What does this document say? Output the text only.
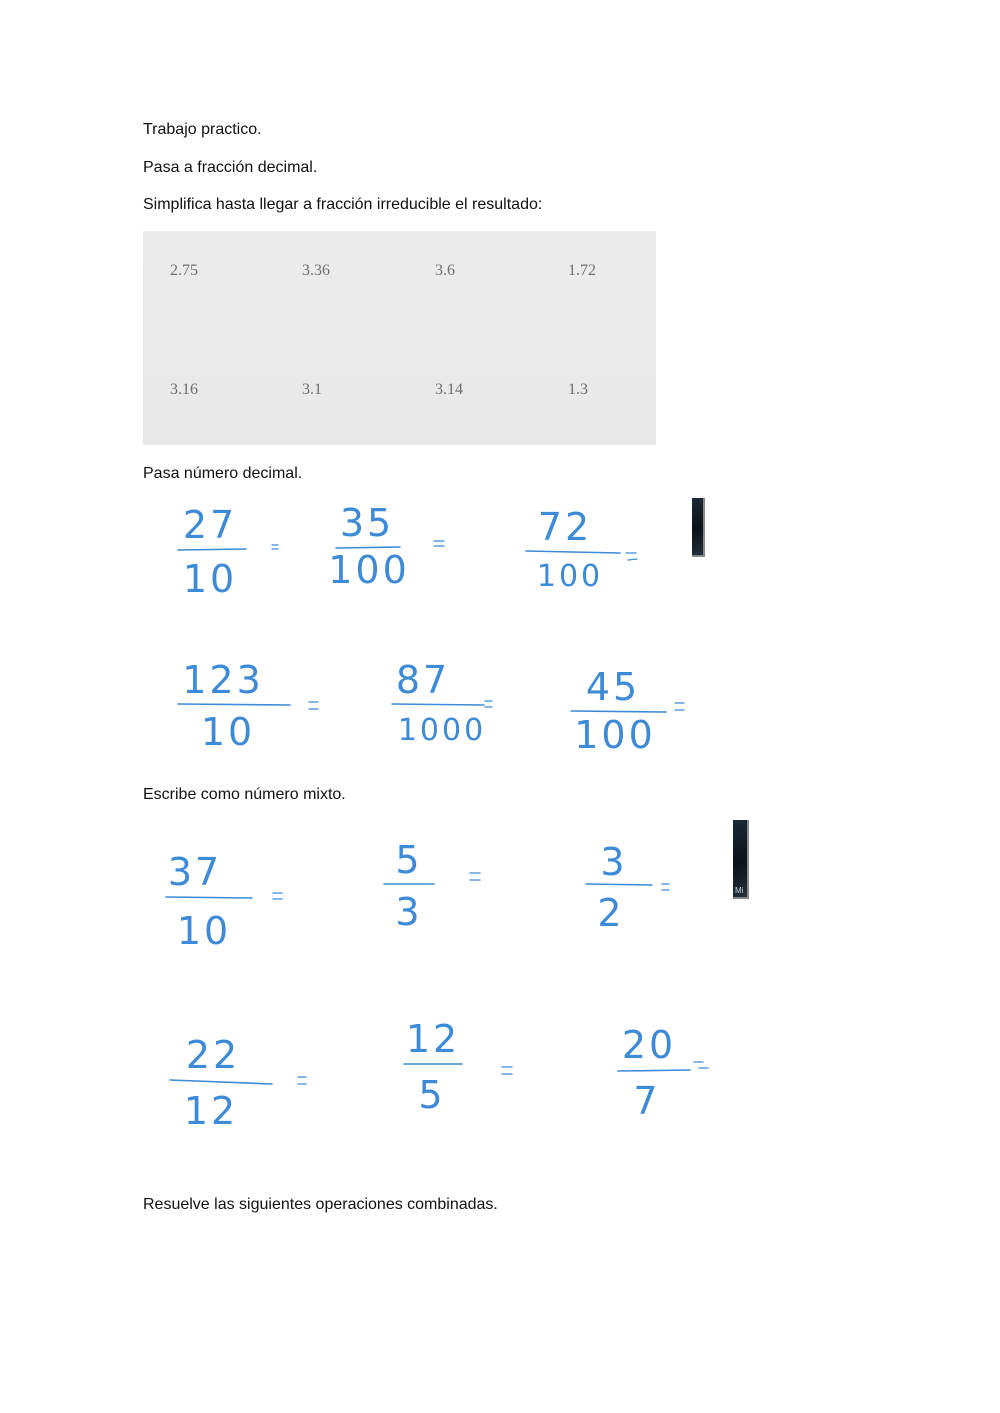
Trabajo practico.
Pasa a fracción decimal.
Simplifica hasta llegar a fracción irreducible el resultado:
2.75	3.36	3.6	1.72
3.16	3.1	3.14	1.3
Pasa número decimal.
Escribe como número mixto.
Resuelve las siguientes operaciones combinadas.
Mi
27
10
35
100
72
100
123
10
87
1000
45
100
37
10
5
3
3
2
22
12
12
5
20
7
